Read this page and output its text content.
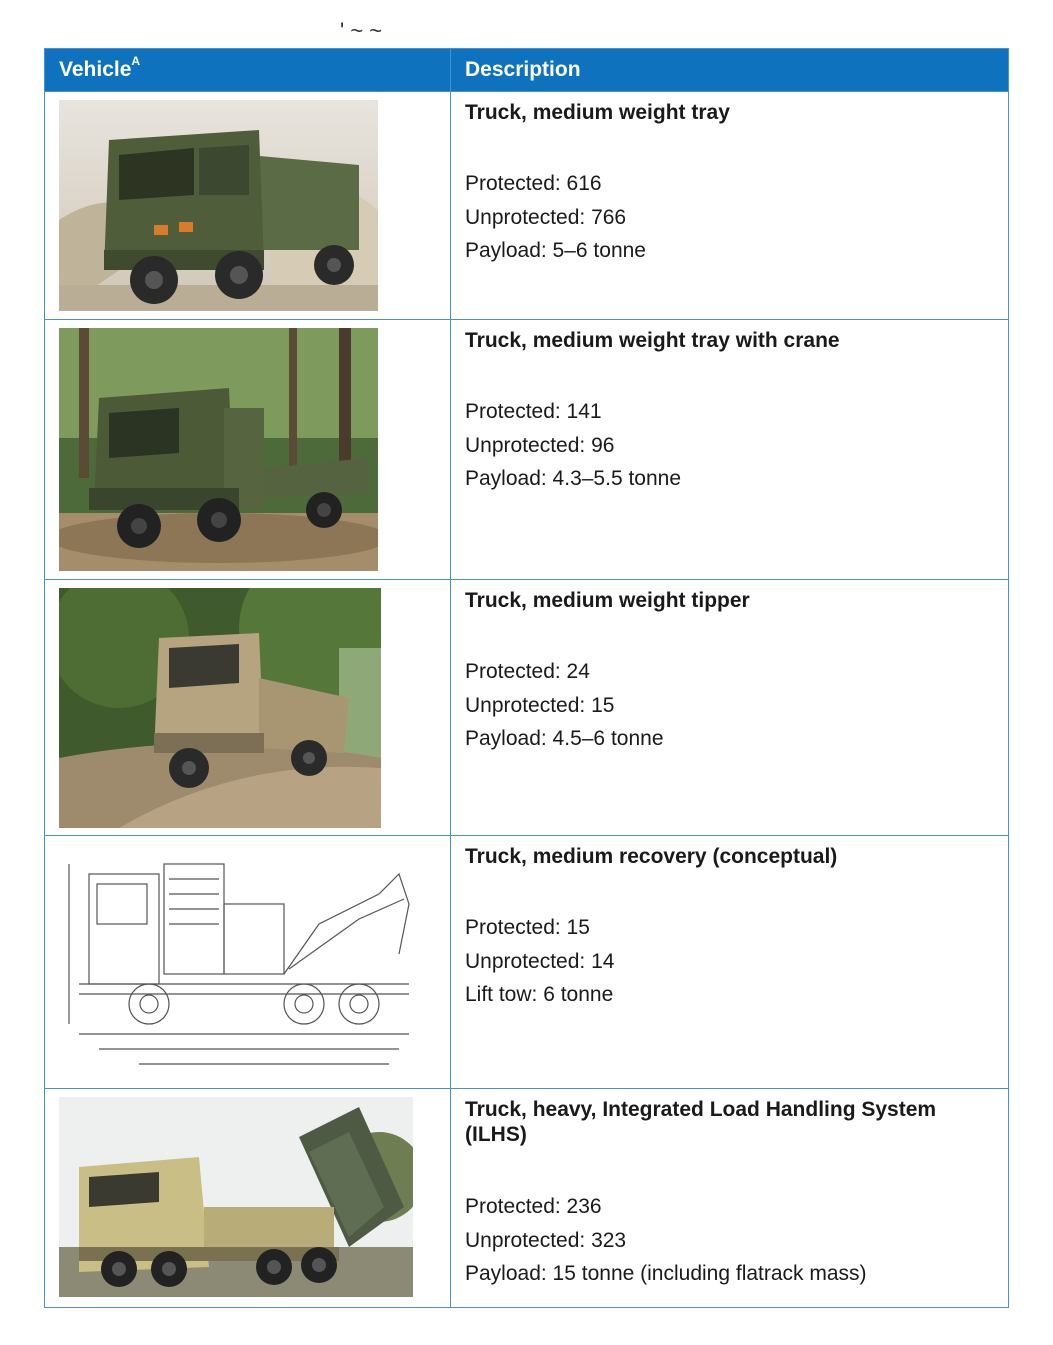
' ~ ~
Vehicle$^A$	Description

Truck, medium weight tray

Protected: 616

Unprotected: 766

Payload: 5–6 tonne

Truck, medium weight tray with crane

Protected: 141

Unprotected: 96

Payload: 4.3–5.5 tonne

Truck, medium weight tipper

Protected: 24

Unprotected: 15

Payload: 4.5–6 tonne

Truck, medium recovery (conceptual)

Protected: 15

Unprotected: 14

Lift tow: 6 tonne

Truck, heavy, Integrated Load Handling System (ILHS)

Protected: 236

Unprotected: 323

Payload: 15 tonne (including flatrack mass)
